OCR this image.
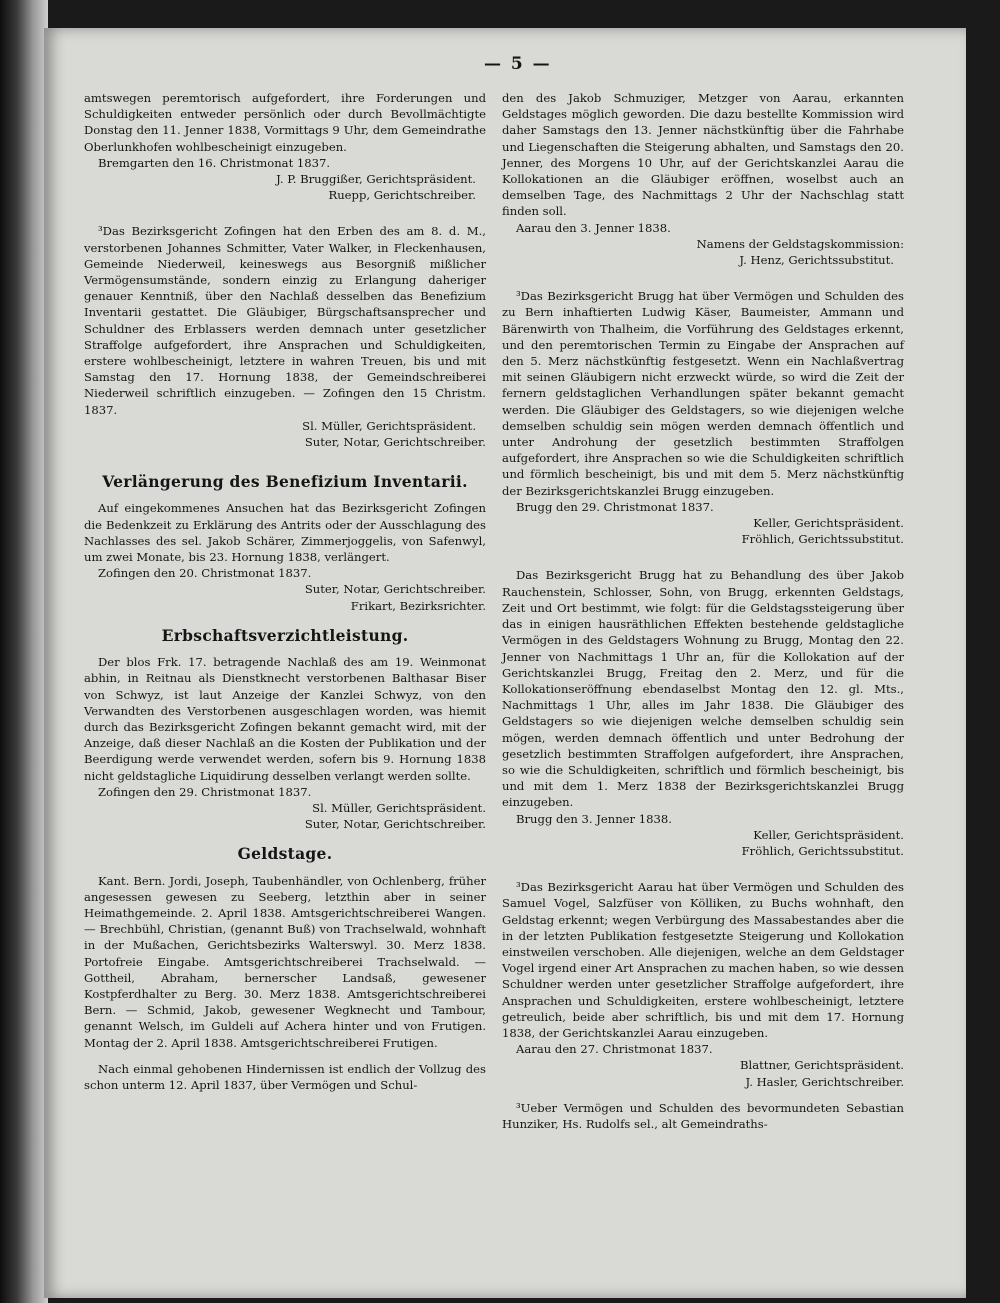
— 5 —

amtswegen peremtorisch aufgefordert, ihre Forderungen und Schuldigkeiten entweder persönlich oder durch Bevollmächtigte Donstag den 11. Jenner 1838, Vormittags 9 Uhr, dem Gemeindrathe Oberlunkhofen wohlbescheinigt einzugeben.

Bremgarten den 16. Christmonat 1837.

J. P. Bruggißer, Gerichtspräsident.

Ruepp, Gerichtschreiber.

³Das Bezirksgericht Zofingen hat den Erben des am 8. d. M., verstorbenen Johannes Schmitter, Vater Walker, in Fleckenhausen, Gemeinde Niederweil, keineswegs aus Besorgniß mißlicher Vermögensumstände, sondern einzig zu Erlangung daheriger genauer Kenntniß, über den Nachlaß desselben das Benefizium Inventarii gestattet. Die Gläubiger, Bürgschaftsansprecher und Schuldner des Erblassers werden demnach unter gesetzlicher Straffolge aufgefordert, ihre Ansprachen und Schuldigkeiten, erstere wohlbescheinigt, letztere in wahren Treuen, bis und mit Samstag den 17. Hornung 1838, der Gemeindschreiberei Niederweil schriftlich einzugeben. — Zofingen den 15 Christm. 1837.

Sl. Müller, Gerichtspräsident.

Suter, Notar, Gerichtschreiber.

Verlängerung des Benefizium Inventarii.

Auf eingekommenes Ansuchen hat das Bezirksgericht Zofingen die Bedenkzeit zu Erklärung des Antrits oder der Ausschlagung des Nachlasses des sel. Jakob Schärer, Zimmerjoggelis, von Safenwyl, um zwei Monate, bis 23. Hornung 1838, verlängert.

Zofingen den 20. Christmonat 1837.

Suter, Notar, Gerichtschreiber.

Frikart, Bezirksrichter.

Erbschaftsverzichtleistung.

Der blos Frk. 17. betragende Nachlaß des am 19. Weinmonat abhin, in Reitnau als Dienstknecht verstorbenen Balthasar Biser von Schwyz, ist laut Anzeige der Kanzlei Schwyz, von den Verwandten des Verstorbenen ausgeschlagen worden, was hiemit durch das Bezirksgericht Zofingen bekannt gemacht wird, mit der Anzeige, daß dieser Nachlaß an die Kosten der Publikation und der Beerdigung werde verwendet werden, sofern bis 9. Hornung 1838 nicht geldstagliche Liquidirung desselben verlangt werden sollte.

Zofingen den 29. Christmonat 1837.

Sl. Müller, Gerichtspräsident.

Suter, Notar, Gerichtschreiber.

Geldstage.

Kant. Bern. Jordi, Joseph, Taubenhändler, von Ochlenberg, früher angesessen gewesen zu Seeberg, letzthin aber in seiner Heimathgemeinde. 2. April 1838. Amtsgerichtschreiberei Wangen. — Brechbühl, Christian, (genannt Buß) von Trachselwald, wohnhaft in der Mußachen, Gerichtsbezirks Walterswyl. 30. Merz 1838. Portofreie Eingabe. Amtsgerichtschreiberei Trachselwald. — Gottheil, Abraham, bernerscher Landsaß, gewesener Kostpferdhalter zu Berg. 30. Merz 1838. Amtsgerichtschreiberei Bern. — Schmid, Jakob, gewesener Wegknecht und Tambour, genannt Welsch, im Guldeli auf Achera hinter und von Frutigen. Montag der 2. April 1838. Amtsgerichtschreiberei Frutigen.

Nach einmal gehobenen Hindernissen ist endlich der Vollzug des schon unterm 12. April 1837, über Vermögen und Schul-

den des Jakob Schmuziger, Metzger von Aarau, erkannten Geldstages möglich geworden. Die dazu bestellte Kommission wird daher Samstags den 13. Jenner nächstkünftig über die Fahrhabe und Liegenschaften die Steigerung abhalten, und Samstags den 20. Jenner, des Morgens 10 Uhr, auf der Gerichtskanzlei Aarau die Kollokationen an die Gläubiger eröffnen, woselbst auch an demselben Tage, des Nachmittags 2 Uhr der Nachschlag statt finden soll.

Aarau den 3. Jenner 1838.

Namens der Geldstagskommission:

J. Henz, Gerichtssubstitut.

³Das Bezirksgericht Brugg hat über Vermögen und Schulden des zu Bern inhaftierten Ludwig Käser, Baumeister, Ammann und Bärenwirth von Thalheim, die Vorführung des Geldstages erkennt, und den peremtorischen Termin zu Eingabe der Ansprachen auf den 5. Merz nächstkünftig festgesetzt. Wenn ein Nachlaßvertrag mit seinen Gläubigern nicht erzweckt würde, so wird die Zeit der fernern geldstaglichen Verhandlungen später bekannt gemacht werden. Die Gläubiger des Geldstagers, so wie diejenigen welche demselben schuldig sein mögen werden demnach öffentlich und unter Androhung der gesetzlich bestimmten Straffolgen aufgefordert, ihre Ansprachen so wie die Schuldigkeiten schriftlich und förmlich bescheinigt, bis und mit dem 5. Merz nächstkünftig der Bezirksgerichtskanzlei Brugg einzugeben.

Brugg den 29. Christmonat 1837.

Keller, Gerichtspräsident.

Fröhlich, Gerichtssubstitut.

Das Bezirksgericht Brugg hat zu Behandlung des über Jakob Rauchenstein, Schlosser, Sohn, von Brugg, erkennten Geldstags, Zeit und Ort bestimmt, wie folgt: für die Geldstagssteigerung über das in einigen hausräthlichen Effekten bestehende geldstagliche Vermögen in des Geldstagers Wohnung zu Brugg, Montag den 22. Jenner von Nachmittags 1 Uhr an, für die Kollokation auf der Gerichtskanzlei Brugg, Freitag den 2. Merz, und für die Kollokationseröffnung ebendaselbst Montag den 12. gl. Mts., Nachmittags 1 Uhr, alles im Jahr 1838. Die Gläubiger des Geldstagers so wie diejenigen welche demselben schuldig sein mögen, werden demnach öffentlich und unter Bedrohung der gesetzlich bestimmten Straffolgen aufgefordert, ihre Ansprachen, so wie die Schuldigkeiten, schriftlich und förmlich bescheinigt, bis und mit dem 1. Merz 1838 der Bezirksgerichtskanzlei Brugg einzugeben.

Brugg den 3. Jenner 1838.

Keller, Gerichtspräsident.

Fröhlich, Gerichtssubstitut.

³Das Bezirksgericht Aarau hat über Vermögen und Schulden des Samuel Vogel, Salzfüser von Kölliken, zu Buchs wohnhaft, den Geldstag erkennt; wegen Verbürgung des Massabestandes aber die in der letzten Publikation festgesetzte Steigerung und Kollokation einstweilen verschoben. Alle diejenigen, welche an dem Geldstager Vogel irgend einer Art Ansprachen zu machen haben, so wie dessen Schuldner werden unter gesetzlicher Straffolge aufgefordert, ihre Ansprachen und Schuldigkeiten, erstere wohlbescheinigt, letztere getreulich, beide aber schriftlich, bis und mit dem 17. Hornung 1838, der Gerichtskanzlei Aarau einzugeben.

Aarau den 27. Christmonat 1837.

Blattner, Gerichtspräsident.

J. Hasler, Gerichtschreiber.

³Ueber Vermögen und Schulden des bevormundeten Sebastian Hunziker, Hs. Rudolfs sel., alt Gemeindraths-
